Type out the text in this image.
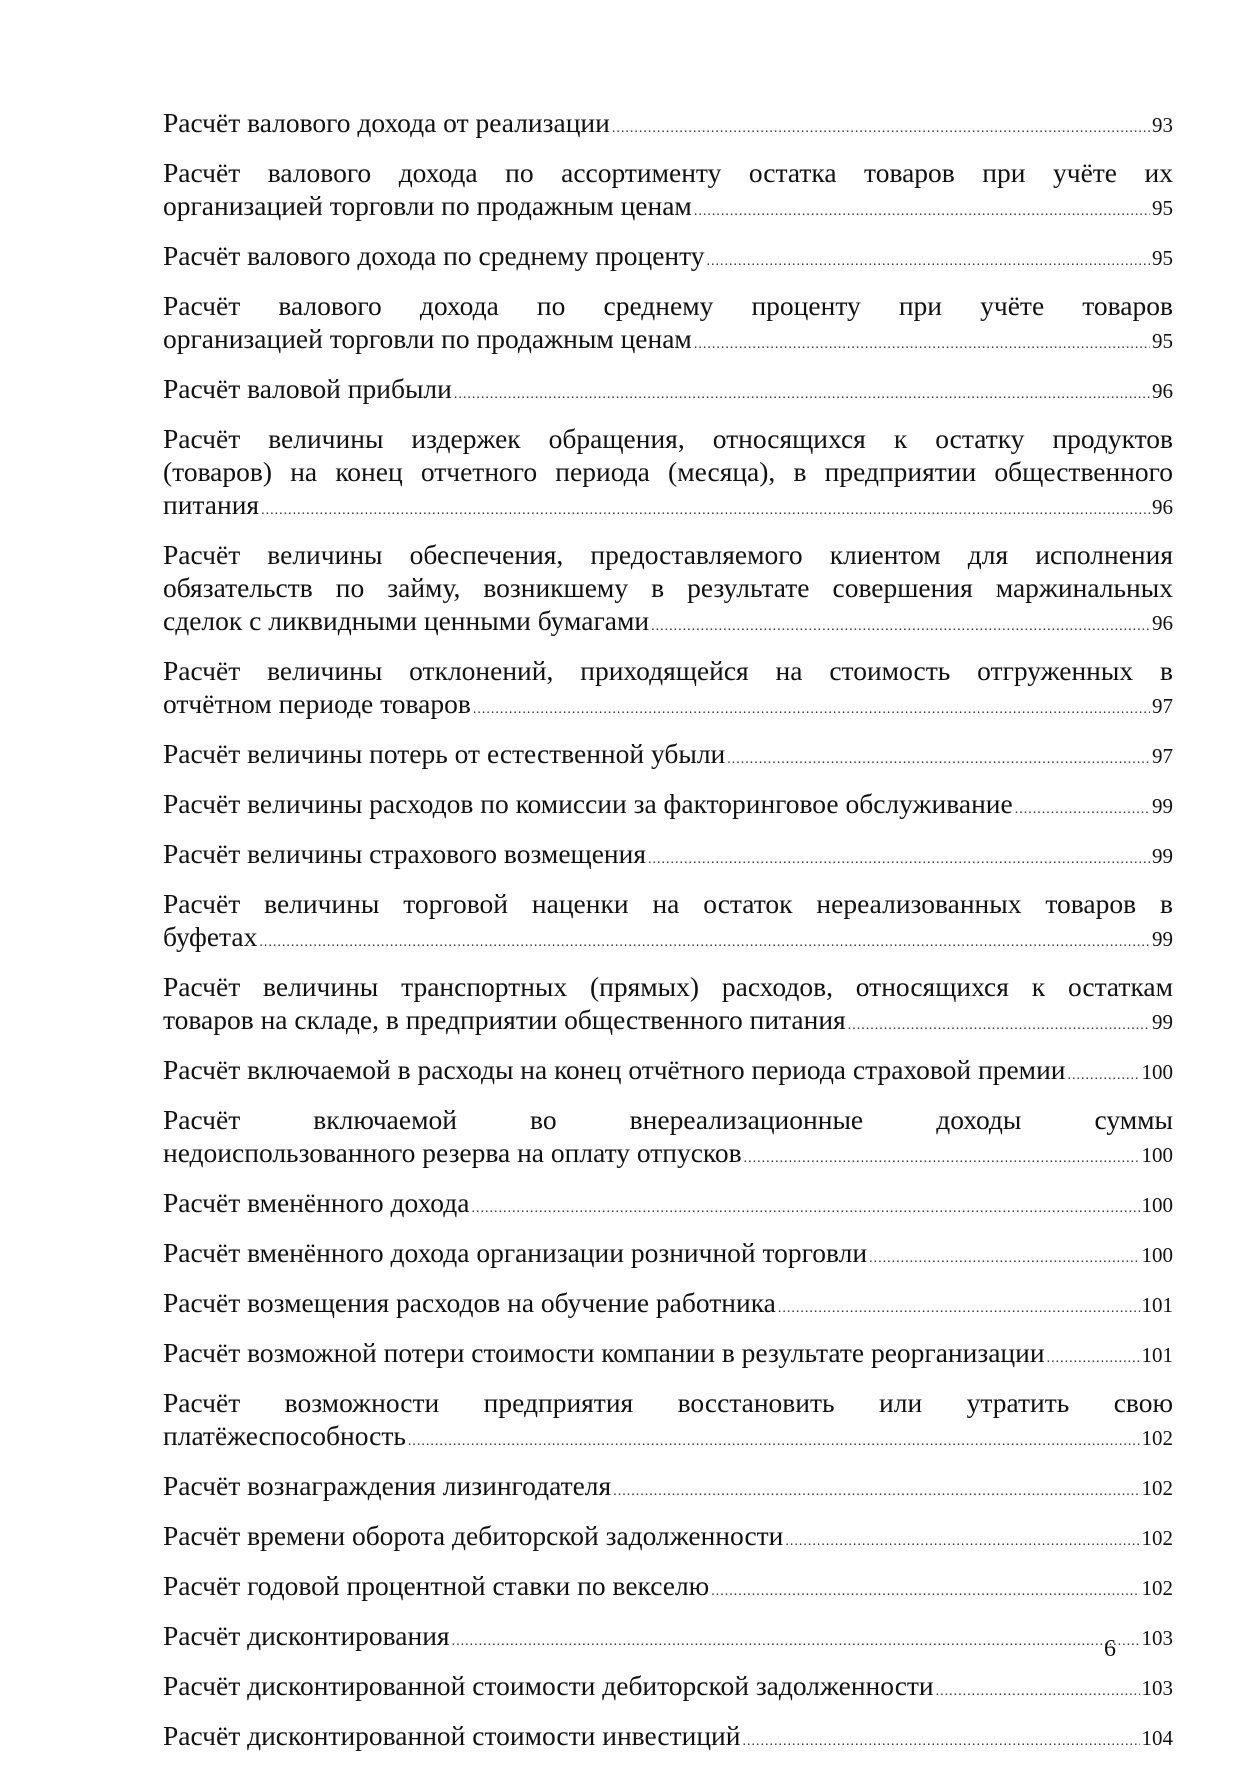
Расчёт валового дохода от реализации .....	93
Расчёт валового дохода по ассортименту остатка товаров при учёте их
организацией торговли по продажным ценам .....	95
Расчёт валового дохода по среднему проценту .....	95
Расчёт валового дохода по среднему проценту при учёте товаров
организацией торговли по продажным ценам .....	95
Расчёт валовой прибыли .....	96
Расчёт величины издержек обращения, относящихся к остатку продуктов
(товаров) на конец отчетного периода (месяца), в предприятии общественного
питания .....	96
Расчёт величины обеспечения, предоставляемого клиентом для исполнения
обязательств по займу, возникшему в результате совершения маржинальных
сделок с ликвидными ценными бумагами .....	96
Расчёт величины отклонений, приходящейся на стоимость отгруженных в
отчётном периоде товаров .....	97
Расчёт величины потерь от естественной убыли .....	97
Расчёт величины расходов по комиссии за факторинговое обслуживание .....	99
Расчёт величины страхового возмещения .....	99
Расчёт величины торговой наценки на остаток нереализованных товаров в
буфетах .....	99
Расчёт величины транспортных (прямых) расходов, относящихся к остаткам
товаров на складе, в предприятии общественного питания .....	99
Расчёт включаемой в расходы на конец отчётного периода страховой премии .....	100
Расчёт включаемой во внереализационные доходы суммы
недоиспользованного резерва на оплату отпусков .....	100
Расчёт вменённого дохода .....	100
Расчёт вменённого дохода организации розничной торговли .....	100
Расчёт возмещения расходов на обучение работника .....	101
Расчёт возможной потери стоимости компании в результате реорганизации .....	101
Расчёт возможности предприятия восстановить или утратить свою
платёжеспособность .....	102
Расчёт вознаграждения лизингодателя .....	102
Расчёт времени оборота дебиторской задолженности .....	102
Расчёт годовой процентной ставки по векселю .....	102
Расчёт дисконтирования .....	103
Расчёт дисконтированной стоимости дебиторской задолженности .....	103
Расчёт дисконтированной стоимости инвестиций .....	104
6
